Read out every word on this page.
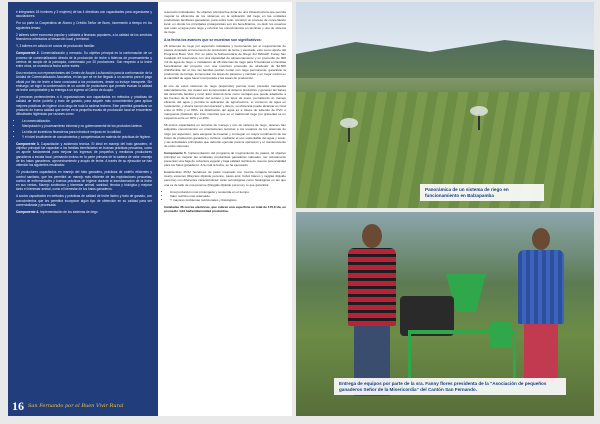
e integrantes 18 hombres y 3 mujeres) de las 4 directivas con capacidades para organizarse y asociaciones.

Por su parte la Cooperativa de Ahorro y Crédito Señor de Buen, incrementó a tiempo en los siguientes temas:

2 talleres sobre economía popular y solidaria a finanzas populares, a la calidad de los servicios financieros orientados al desarrollo local y territorial.

Y, 3 talleres en cálculo de costos de producción familiar.

Componente 2. Comercialización y mercado. Su objetivo principal es la conformación de un proceso de comercialización directa de la producción de leche a fábricas de procesamiento y centros de acopio de la parroquia, conformado por 20 productores. Son respecto a la leche entre otros, se muestra la fecha sobre estrés.

Dos reuniones con representantes del Centro de Acopio La Asunción para la conformación de la Unidad de Comercialización Asociativa, en las que se ve fue llegado a un acuerdo para el pago oficial por litro de leche a favor conciudad a los productores, desde su incluye transporte. Sin embargo, se logró la conformación de un comité de productores que permite evaluar la calidad de leche comprobable y su entrega a un ingreso al Centro de Acopio.

A personas pertenecientes a 6 organizaciones son capacitadas en métodos y prácticas de calidad de leche (ordeño y trato de ganado, para adquirir más conocimientos para aplicar mejores prácticas de higiene a los largo de toda la cadena lechera. Este permitirá garantizar un producto de buena calidad que derive en la pequeña escala de producción local se encuentran dificultades higiénicas por razones como:

• La comercialización.
• Manipulación y procesamiento informal y no gubernamental de los productos lácteos.
• La falta de incentivos financieros para introducir mejoras en la calidad.
• Y el nivel insuficiente de conocimientos y competencias en materia de prácticas de higiene.

Componente 3. Capacitación y asistencia técnica. El ideal en manejo del hato ganadero, el objetivo principal fue capacitar a los familias beneficiarios en buenas prácticas pecuarias, como un aporte fundamental para mejorar los ingresos de pequeños y medianos productores ganaderos a escala local, pensando incluso en la parte primaria de la cadena de valor: manejo de los hatos ganaderos, aprovechamiento y acopio de leche. A través de su ejecución se han obtenido los siguientes resultados:

70 productores capacitados en manejo del hato ganadero, prácticas de ordeño eficientes y control sanitario, que les permitirá un manejo más eficiente de las explotaciones pecuarias, control de enfermedades y buenas prácticas de higiene durante la transformación de la leche en sus ventas. Manejo zootécnico y bienestar animal, sanidad, técnica y biológica y mejorar tanto el bienestar animal, como el bienestar de los hatos ganaderos.

A socios capacitados en métodos y prácticas de calidad de leche lácteo y trato de ganado, con conocimientos que les permitirá incorporar algún tipo de obtención en su calidad para ser comercializada y procesada.

Componente 4. Implementación de los sistemas de riego

16 San Fernando por el Buen Vivir Rural

reservorio individuales. Su objetivo principal fue dotar de una infraestructura que permita mejorar la eficiencia de los sistemas en la aplicación del riego en las unidades productivas familiares ganaderas, para sobre todo, construir un proceso de concertación local, en donde los principales protagonistas son los beneficiarios, no decir los usuarios que usan el agua para riego y reforzar los conocimientos en técnicas y uso de sistema de riego.

A la fecha los avances que se muestran son significativos:

28 sistemas de riego por aspersión instalados y funcionando por el mejoramiento de pastos vinculado al incremento de producción de leche y asociado, esto como aporte del Programa Buen Vivir. Por su parte la Subsecretaría de Riego del MAGAP. Kunay han instalado 23 reservorios con una capacidad de almacenamiento y un promedio de 300 m3 de agua de riego, e instalación de 28 sistemas de riego para 5 hectáreas en familias beneficiarias del proyecto con una inversión promedio de alrededor de $2.500 USD/familia. En el rito, las familias podrán contar con riego permanente, garantizar la producción de forraje, incrementar los áreas de pastoreo y cambiar y un mejor control en la cantidad de agua hacer incorporada a las áreas de producción.

El uso de estos sistemas de riego (aspersión) permite tener parcelas manejadas adecuadamente, los cuales son incorporados al sistema productivo y generan las bases del desarrollo familiar y rural. Esto sistema tiene como ventajas que puede adaptarse a las fuentes de la inclinación del terreno y los tipos de suelo, permitiendo un manejo eficiente del agua y permite la aplicación de agroinsumos, el consumo de agua en moderación, y ahorra tiempo del operador y dinero, su eficiencia puede alcanzar un nivel entre el 60% y el 80%. La distribución del agua es a través de tuberías de PVC o mangueras plásticas tipo Flex mientras que en el tradicional riego por gravedad es un esquema entre un 30% y el 40%.

68 socios capacitados en técnicas de manejo y uso de sistema de riego, quienes han adquirido conocimientos en orientaciones técnicas a los usuarios de los sistemas de riego por aspersión, para asegurar la creación y conseguir un mayor rendimiento de los frutos de producción ganadera y cultivos, mediante el uso sustentable del agua y suelo, y las actividades principales que deberán ejecutar para la operación y el mantenimiento de estos sistemas.

Componente 5. Implementación del programa de mejoramiento de pastos. El objetivo principal es mejorar las entidades productivas ganaderas naturales, ser actualmente presentan una baja de cobertura vegetal y baja calidad nutritiva de nuevos potencialidad para los hatos ganaderos. A la cual la fecha, se ha ejecutado:

Establecidas 36,52 hectáreas de pasto mejorado con mezcla forrajera formada por cuatro especies (Rayrass diploide perenne, pasto azul, trébol blanco y rayglás diploide perenne) con diferentes características: tanto tecnológicas como fisiológicas en las que una es de tallo de una perenne (Rayglás diploide perenne), lo que garantiza:

• Una producción más prolongada y sostenida en el tiempo.
• Valor nutritivo más adecuado.
• Y mayores problemas nutricionales y fisiológicos.

Instaladas 36 cercas eléctricas, que cubren una superficie en total de 170,8 Ha, en promedio 4,63 ha/familia/unidad productiva.

Panorámica de un sistema de riego en funcionamiento en Balzapamba
Entrega de equipos por parte de la sra. Fanny flores presidenta de la "Asociación de pequeños ganaderos Señor de la Misericordia" del Cantón San Fernando.
